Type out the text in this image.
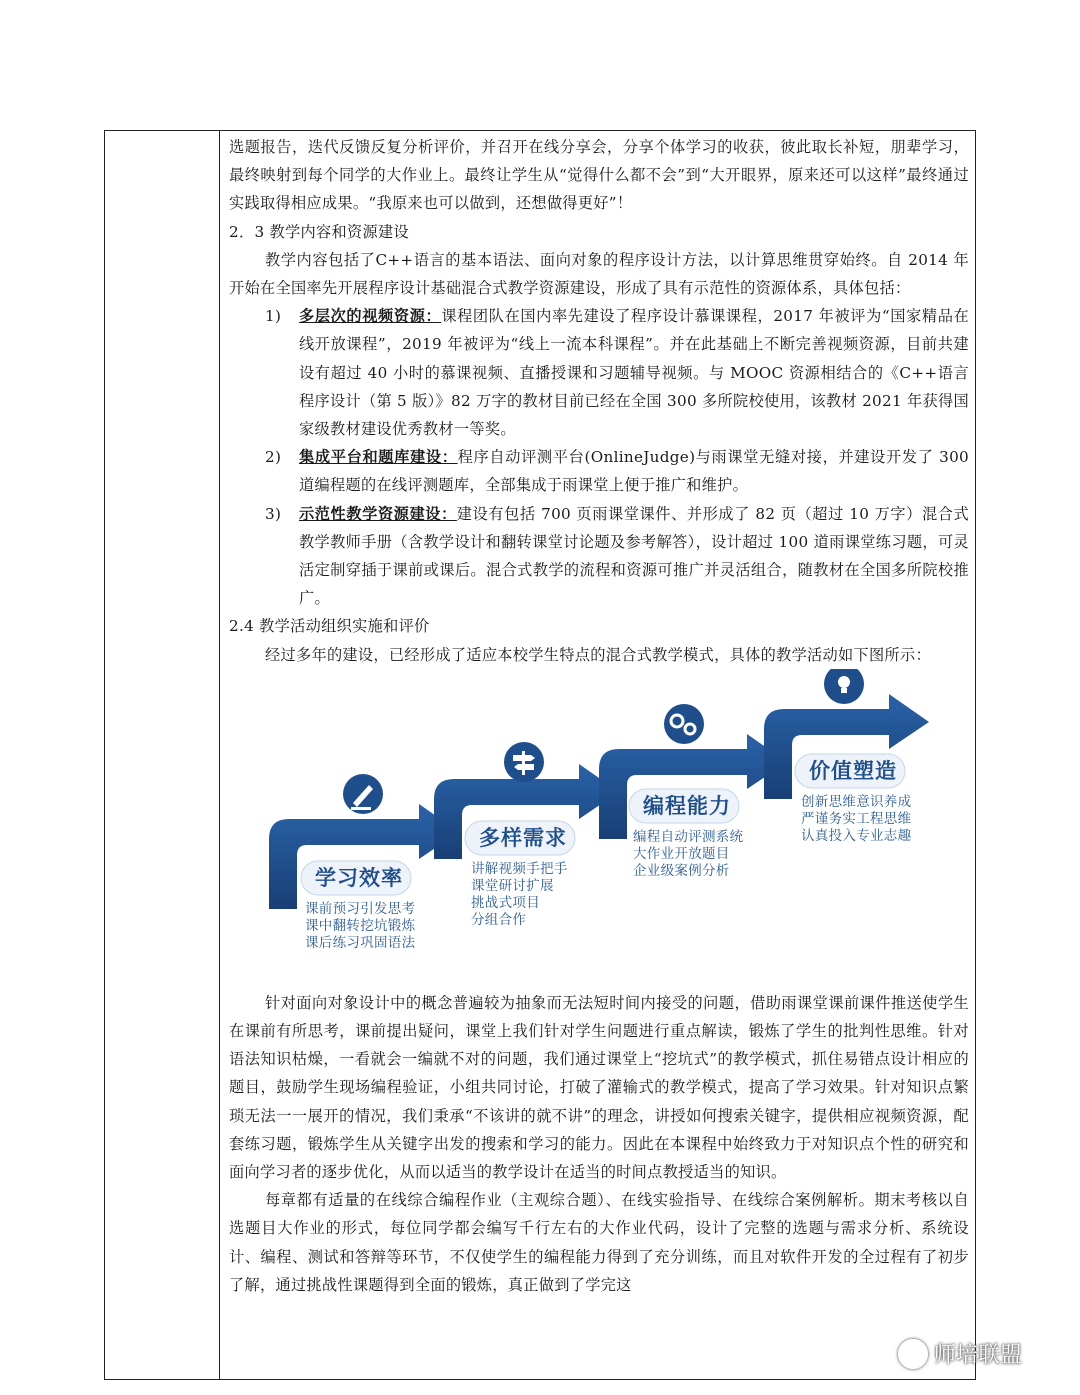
选题报告，迭代反馈反复分析评价，并召开在线分享会，分享个体学习的收获，彼此取长补短，朋辈学习，最终映射到每个同学的大作业上。最终让学生从“觉得什么都不会”到“大开眼界，原来还可以这样”最终通过实践取得相应成果。“我原来也可以做到，还想做得更好”！

2．3 教学内容和资源建设

教学内容包括了C++语言的基本语法、面向对象的程序设计方法，以计算思维贯穿始终。自 2014 年开始在全国率先开展程序设计基础混合式教学资源建设，形成了具有示范性的资源体系，具体包括：

1) 多层次的视频资源：课程团队在国内率先建设了程序设计慕课课程，2017 年被评为“国家精品在线开放课程”，2019 年被评为“线上一流本科课程”。并在此基础上不断完善视频资源，目前共建设有超过 40 小时的慕课视频、直播授课和习题辅导视频。与 MOOC 资源相结合的《C++语言程序设计（第 5 版）》82 万字的教材目前已经在全国 300 多所院校使用，该教材 2021 年获得国家级教材建设优秀教材一等奖。
2) 集成平台和题库建设：程序自动评测平台(OnlineJudge)与雨课堂无缝对接，并建设开发了 300 道编程题的在线评测题库，全部集成于雨课堂上便于推广和维护。
3) 示范性教学资源建设：建设有包括 700 页雨课堂课件、并形成了 82 页（超过 10 万字）混合式教学教师手册（含教学设计和翻转课堂讨论题及参考解答），设计超过 100 道雨课堂练习题，可灵活定制穿插于课前或课后。混合式教学的流程和资源可推广并灵活组合，随教材在全国多所院校推广。

2.4 教学活动组织实施和评价

经过多年的建设，已经形成了适应本校学生特点的混合式教学模式，具体的教学活动如下图所示：

学习效率
多样需求
编程能力
价值塑造
课前预习引发思考
课中翻转挖坑锻炼
课后练习巩固语法
讲解视频手把手
课堂研讨扩展
挑战式项目
分组合作
编程自动评测系统
大作业开放题目
企业级案例分析
创新思维意识养成
严谨务实工程思维
认真投入专业志趣

针对面向对象设计中的概念普遍较为抽象而无法短时间内接受的问题，借助雨课堂课前课件推送使学生在课前有所思考，课前提出疑问，课堂上我们针对学生问题进行重点解读，锻炼了学生的批判性思维。针对语法知识枯燥，一看就会一编就不对的问题，我们通过课堂上“挖坑式”的教学模式，抓住易错点设计相应的题目，鼓励学生现场编程验证，小组共同讨论，打破了灌输式的教学模式，提高了学习效果。针对知识点繁琐无法一一展开的情况，我们秉承“不该讲的就不讲”的理念，讲授如何搜索关键字，提供相应视频资源，配套练习题，锻炼学生从关键字出发的搜索和学习的能力。因此在本课程中始终致力于对知识点个性的研究和面向学习者的逐步优化，从而以适当的教学设计在适当的时间点教授适当的知识。

每章都有适量的在线综合编程作业（主观综合题）、在线实验指导、在线综合案例解析。期末考核以自选题目大作业的形式，每位同学都会编写千行左右的大作业代码，设计了完整的选题与需求分析、系统设计、编程、测试和答辩等环节，不仅使学生的编程能力得到了充分训练，而且对软件开发的全过程有了初步了解，通过挑战性课题得到全面的锻炼，真正做到了学完这

师培联盟
